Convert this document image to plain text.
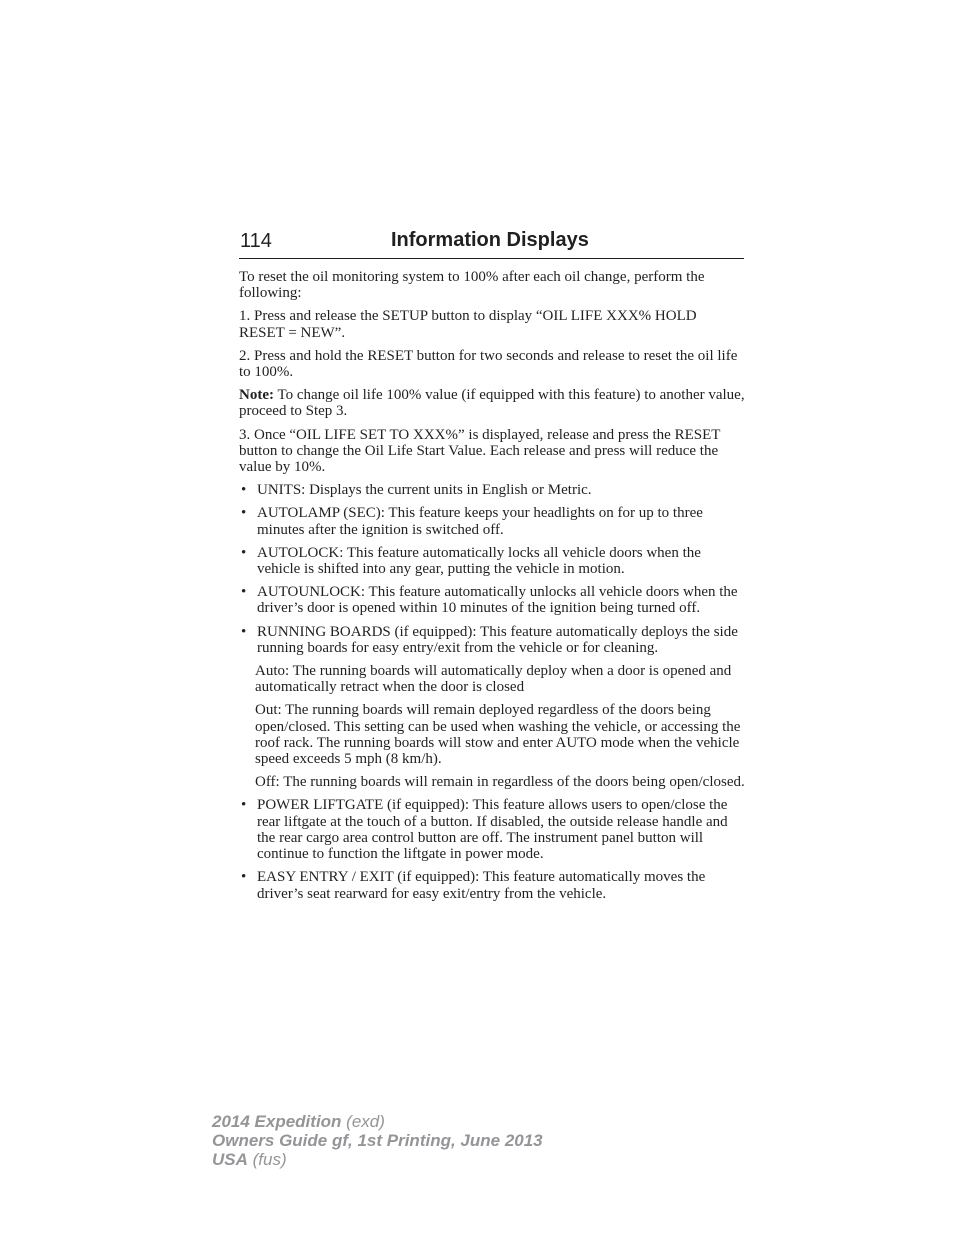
114	Information Displays

To reset the oil monitoring system to 100% after each oil change, perform the following:

1. Press and release the SETUP button to display “OIL LIFE XXX% HOLD RESET = NEW”.

2. Press and hold the RESET button for two seconds and release to reset the oil life to 100%.

Note: To change oil life 100% value (if equipped with this feature) to another value, proceed to Step 3.

3. Once “OIL LIFE SET TO XXX%” is displayed, release and press the RESET button to change the Oil Life Start Value. Each release and press will reduce the value by 10%.

• UNITS: Displays the current units in English or Metric.
• AUTOLAMP (SEC): This feature keeps your headlights on for up to three minutes after the ignition is switched off.
• AUTOLOCK: This feature automatically locks all vehicle doors when the vehicle is shifted into any gear, putting the vehicle in motion.
• AUTOUNLOCK: This feature automatically unlocks all vehicle doors when the driver’s door is opened within 10 minutes of the ignition being turned off.
• RUNNING BOARDS (if equipped): This feature automatically deploys the side running boards for easy entry/exit from the vehicle or for cleaning.

Auto: The running boards will automatically deploy when a door is opened and automatically retract when the door is closed

Out: The running boards will remain deployed regardless of the doors being open/closed. This setting can be used when washing the vehicle, or accessing the roof rack. The running boards will stow and enter AUTO mode when the vehicle speed exceeds 5 mph (8 km/h).

Off: The running boards will remain in regardless of the doors being open/closed.

• POWER LIFTGATE (if equipped): This feature allows users to open/close the rear liftgate at the touch of a button. If disabled, the outside release handle and the rear cargo area control button are off. The instrument panel button will continue to function the liftgate in power mode.
• EASY ENTRY / EXIT (if equipped): This feature automatically moves the driver’s seat rearward for easy exit/entry from the vehicle.
2014 Expedition (exd)
Owners Guide gf, 1st Printing, June 2013
USA (fus)
